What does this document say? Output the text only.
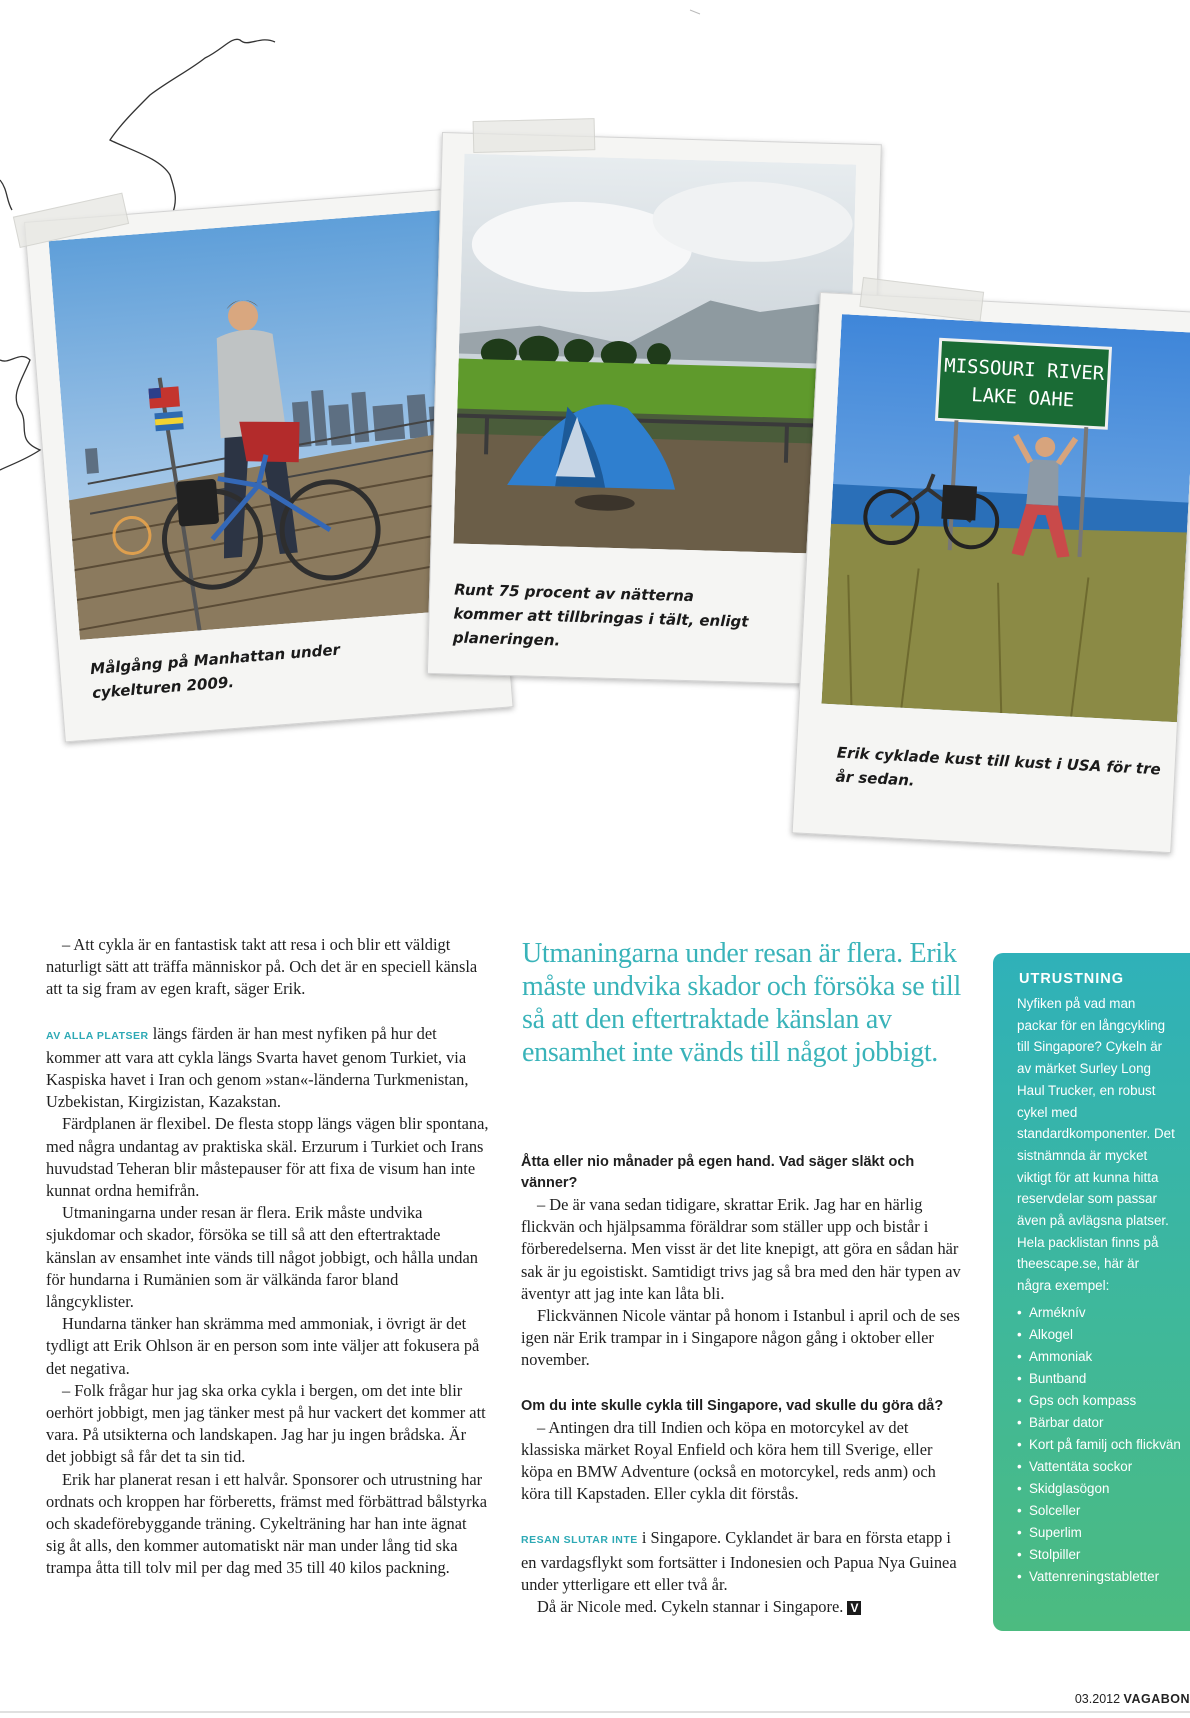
Målgång på Manhattan under cykelturen 2009.
Runt 75 procent av nätterna kommer att tillbringas i tält, enligt planeringen.
MISSOURI RIVER
LAKE OAHE
Erik cyklade kust till kust i USA för tre år sedan.

– Att cykla är en fantastisk takt att resa i och blir ett väldigt naturligt sätt att träffa människor på. Och det är en speciell känsla att ta sig fram av egen kraft, säger Erik.

AV ALLA PLATSER längs färden är han mest nyfiken på hur det kommer att vara att cykla längs Svarta havet genom Turkiet, via Kaspiska havet i Iran och genom »stan«-länderna Turkmenistan, Uzbekistan, Kirgizistan, Kazakstan.

Färdplanen är flexibel. De flesta stopp längs vägen blir spontana, med några undantag av praktiska skäl. Erzurum i Turkiet och Irans huvudstad Teheran blir måstepauser för att fixa de visum han inte kunnat ordna hemifrån.

Utmaningarna under resan är flera. Erik måste undvika sjukdomar och skador, försöka se till så att den eftertraktade känslan av ensamhet inte vänds till något jobbigt, och hålla undan för hundarna i Rumänien som är välkända faror bland långcyklister.

Hundarna tänker han skrämma med ammoniak, i övrigt är det tydligt att Erik Ohlson är en person som inte väljer att fokusera på det negativa.

– Folk frågar hur jag ska orka cykla i bergen, om det inte blir oerhört jobbigt, men jag tänker mest på hur vackert det kommer att vara. På utsikterna och landskapen. Jag har ju ingen brådska. Är det jobbigt så får det ta sin tid.

Erik har planerat resan i ett halvår. Sponsorer och utrustning har ordnats och kroppen har förberetts, främst med förbättrad bålstyrka och skadeförebyggande träning. Cykelträning har han inte ägnat sig åt alls, den kommer automatiskt när man under lång tid ska trampa åtta till tolv mil per dag med 35 till 40 kilos packning.

Utmaningarna under resan är flera. Erik måste undvika skador och försöka se till så att den eftertraktade känslan av ensamhet inte vänds till något jobbigt.

Åtta eller nio månader på egen hand. Vad säger släkt och vänner?

– De är vana sedan tidigare, skrattar Erik. Jag har en härlig flickvän och hjälpsamma föräldrar som ställer upp och bistår i förberedelserna. Men visst är det lite knepigt, att göra en sådan här sak är ju egoistiskt. Samtidigt trivs jag så bra med den här typen av äventyr att jag inte kan låta bli.

Flickvännen Nicole väntar på honom i Istanbul i april och de ses igen när Erik trampar in i Singapore någon gång i oktober eller november.

Om du inte skulle cykla till Singapore, vad skulle du göra då?

– Antingen dra till Indien och köpa en motorcykel av det klassiska märket Royal Enfield och köra hem till Sverige, eller köpa en BMW Adventure (också en motorcykel, reds anm) och köra till Kapstaden. Eller cykla dit förstås.

RESAN SLUTAR INTE i Singapore. Cyklandet är bara en första etapp i en vardagsflykt som fortsätter i Indonesien och Papua Nya Guinea under ytterligare ett eller två år.

Då är Nicole med. Cykeln stannar i Singapore. V

UTRUSTNING
Nyfiken på vad man packar för en långcykling till Singapore? Cykeln är av märket Surley Long Haul Trucker, en robust cykel med standardkomponenter. Det sistnämnda är mycket viktigt för att kunna hitta reservdelar som passar även på avlägsna platser. Hela packlistan finns på theescape.se, här är några exempel:
• Arméknív
• Alkogel
• Ammoniak
• Buntband
• Gps och kompass
• Bärbar dator
• Kort på familj och flickvän
• Vattentäta sockor
• Skidglasögon
• Solceller
• Superlim
• Stolpiller
• Vattenreningstabletter
03.2012 VAGABON
